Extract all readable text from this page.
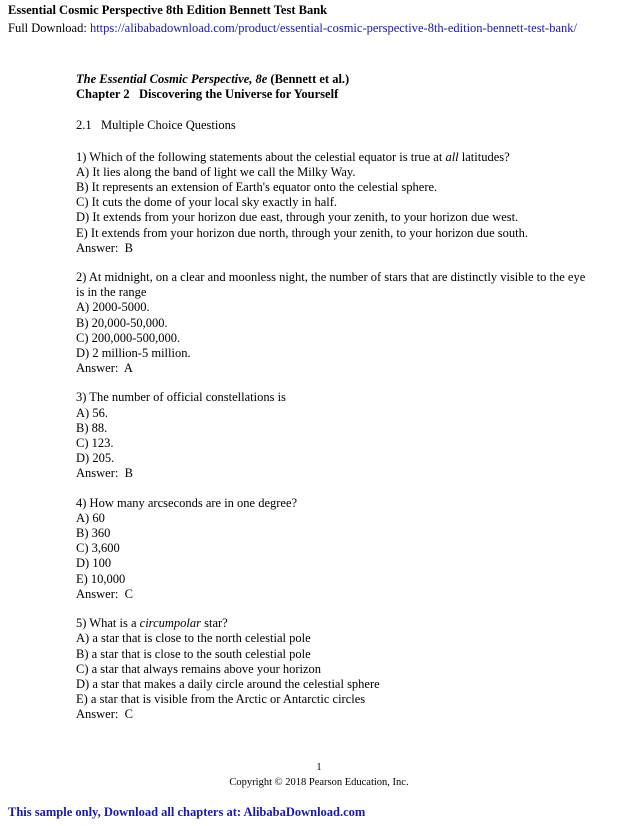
Essential Cosmic Perspective 8th Edition Bennett Test Bank
Full Download: https://alibabadownload.com/product/essential-cosmic-perspective-8th-edition-bennett-test-bank/

The Essential Cosmic Perspective, 8e (Bennett et al.)

Chapter 2   Discovering the Universe for Yourself

2.1   Multiple Choice Questions

1) Which of the following statements about the celestial equator is true at all latitudes?

A) It lies along the band of light we call the Milky Way.

B) It represents an extension of Earth's equator onto the celestial sphere.

C) It cuts the dome of your local sky exactly in half.

D) It extends from your horizon due east, through your zenith, to your horizon due west.

E) It extends from your horizon due north, through your zenith, to your horizon due south.

Answer:  B

2) At midnight, on a clear and moonless night, the number of stars that are distinctly visible to the eye is in the range

A) 2000-5000.

B) 20,000-50,000.

C) 200,000-500,000.

D) 2 million-5 million.

Answer:  A

3) The number of official constellations is

A) 56.

B) 88.

C) 123.

D) 205.

Answer:  B

4) How many arcseconds are in one degree?

A) 60

B) 360

C) 3,600

D) 100

E) 10,000

Answer:  C

5) What is a circumpolar star?

A) a star that is close to the north celestial pole

B) a star that is close to the south celestial pole

C) a star that always remains above your horizon

D) a star that makes a daily circle around the celestial sphere

E) a star that is visible from the Arctic or Antarctic circles

Answer:  C

1
Copyright © 2018 Pearson Education, Inc.
This sample only, Download all chapters at: AlibabaDownload.com
